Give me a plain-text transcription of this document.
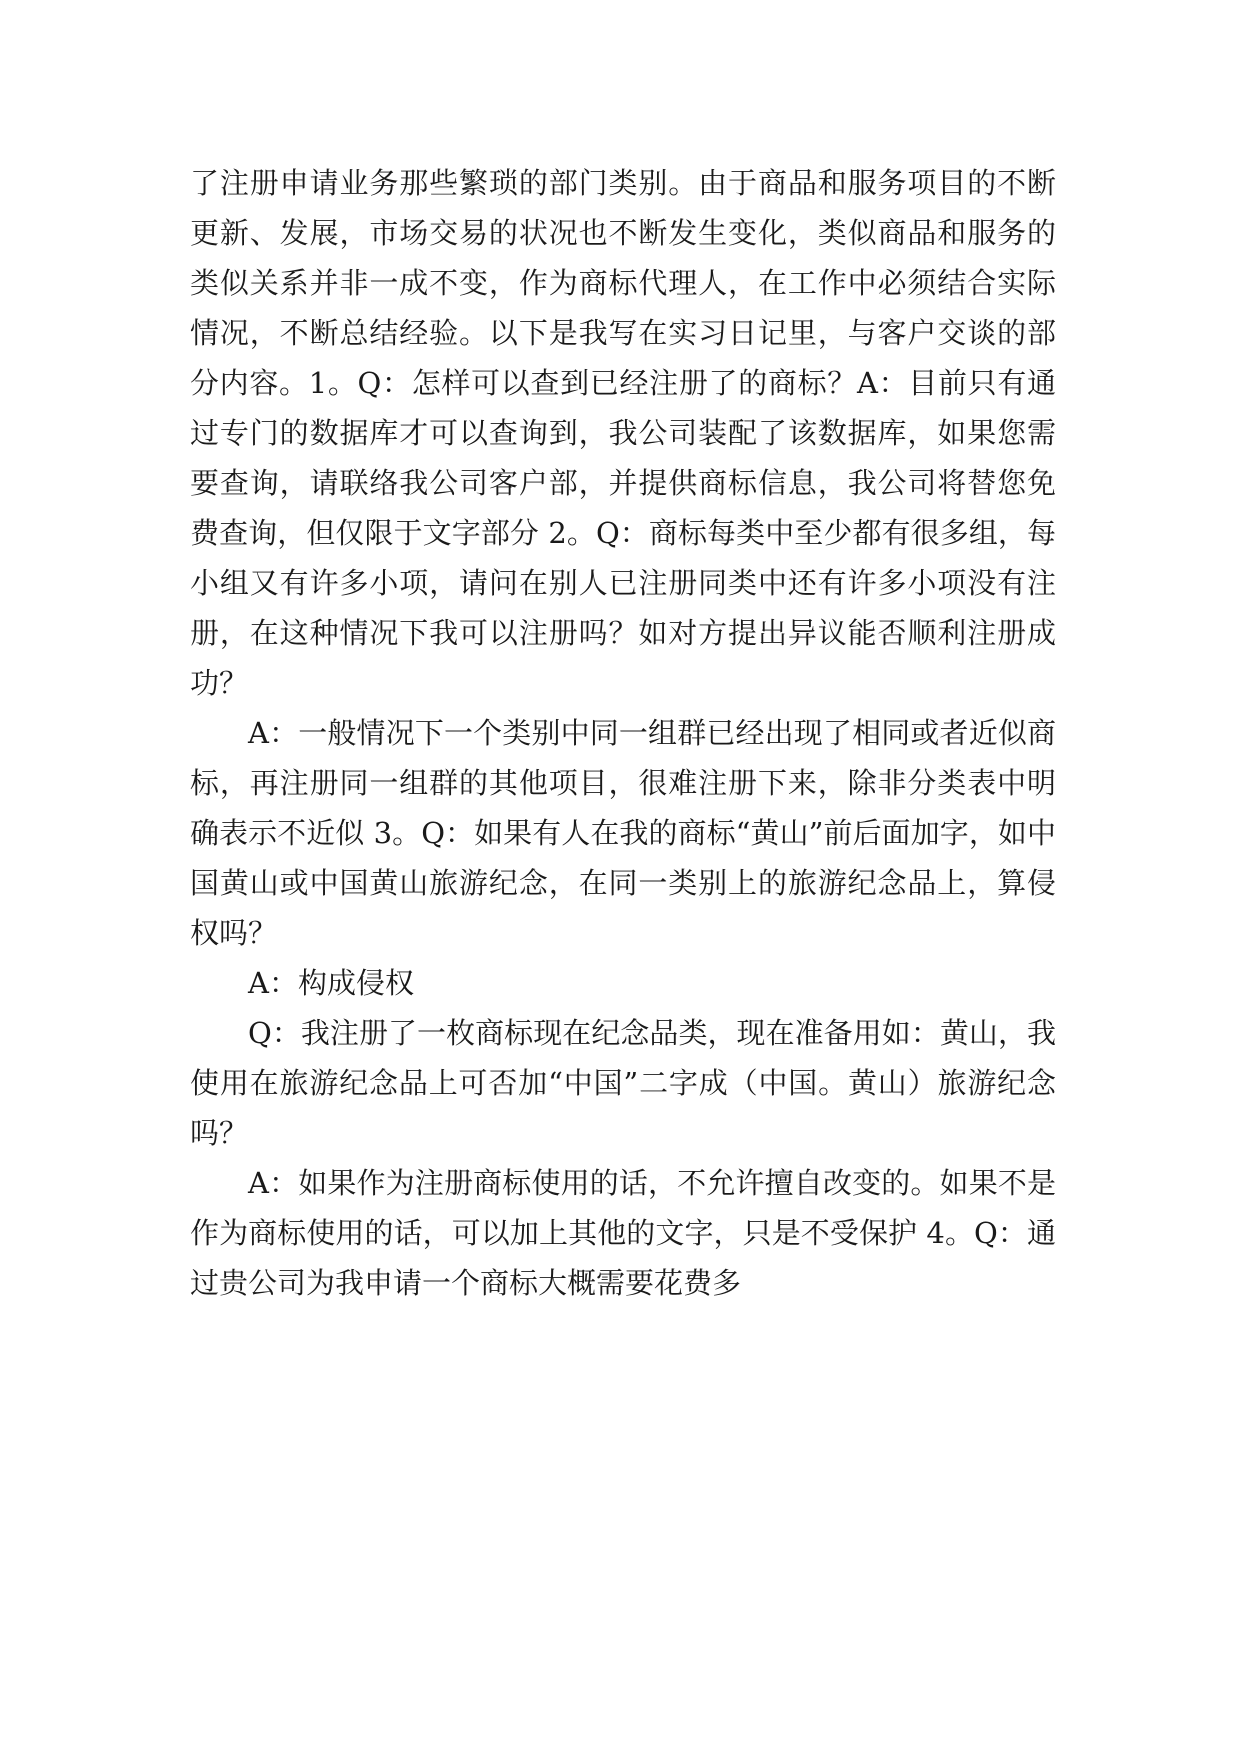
了注册申请业务那些繁琐的部门类别。由于商品和服务项目的不断更新、发展，市场交易的状况也不断发生变化，类似商品和服务的类似关系并非一成不变，作为商标代理人，在工作中必须结合实际情况，不断总结经验。以下是我写在实习日记里，与客户交谈的部分内容。1。Q：怎样可以查到已经注册了的商标？A：目前只有通过专门的数据库才可以查询到，我公司装配了该数据库，如果您需要查询，请联络我公司客户部，并提供商标信息，我公司将替您免费查询，但仅限于文字部分 2。Q：商标每类中至少都有很多组，每小组又有许多小项，请问在别人已注册同类中还有许多小项没有注册，在这种情况下我可以注册吗？如对方提出异议能否顺利注册成功？

A：一般情况下一个类别中同一组群已经出现了相同或者近似商标，再注册同一组群的其他项目，很难注册下来，除非分类表中明确表示不近似 3。Q：如果有人在我的商标“黄山”前后面加字，如中国黄山或中国黄山旅游纪念，在同一类别上的旅游纪念品上，算侵权吗？

A：构成侵权

Q：我注册了一枚商标现在纪念品类，现在准备用如：黄山，我使用在旅游纪念品上可否加“中国”二字成（中国。黄山）旅游纪念吗？

A：如果作为注册商标使用的话，不允许擅自改变的。如果不是作为商标使用的话，可以加上其他的文字，只是不受保护 4。Q：通过贵公司为我申请一个商标大概需要花费多
